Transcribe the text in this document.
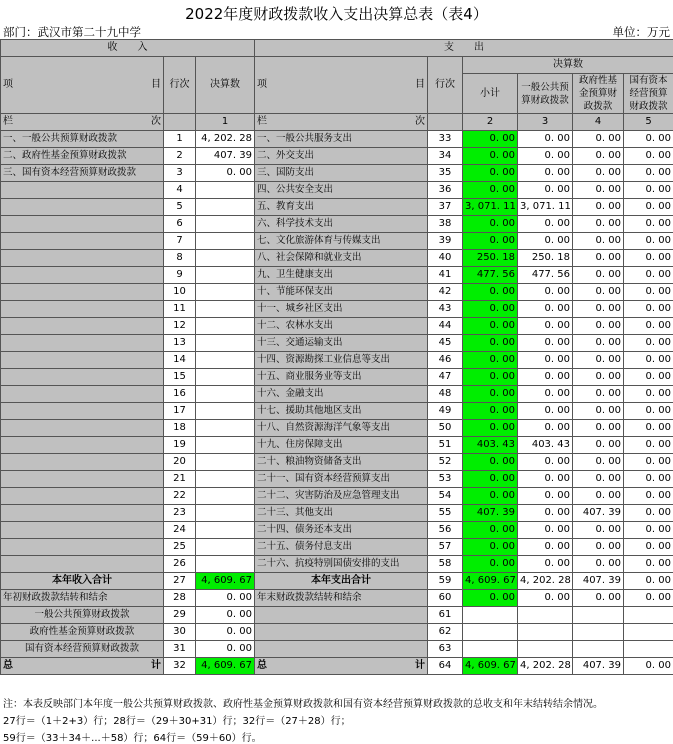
2022年度财政拨款收入支出决算总表（表4）
部门：武汉市第二十九中学	单位：万元
收　　入			支　　出					

项 目	行次	决算数	项 目	行次	决算数			
					小计	一般公共预算财政拨款	政府性基金预算财政拨款	国有资本经营预算财政拨款

栏 次		1	栏 次		2	3	4	5
一、一般公共预算财政拨款	1	4, 202. 28	一、一般公共服务支出	33	0. 00	0. 00	0. 00	0. 00
二、政府性基金预算财政拨款	2	407. 39	二、外交支出	34	0. 00	0. 00	0. 00	0. 00
三、国有资本经营预算财政拨款	3	0. 00	三、国防支出	35	0. 00	0. 00	0. 00	0. 00
	4		四、公共安全支出	36	0. 00	0. 00	0. 00	0. 00
	5		五、教育支出	37	3, 071. 11	3, 071. 11	0. 00	0. 00
	6		六、科学技术支出	38	0. 00	0. 00	0. 00	0. 00
	7		七、文化旅游体育与传媒支出	39	0. 00	0. 00	0. 00	0. 00
	8		八、社会保障和就业支出	40	250. 18	250. 18	0. 00	0. 00
	9		九、卫生健康支出	41	477. 56	477. 56	0. 00	0. 00
	10		十、节能环保支出	42	0. 00	0. 00	0. 00	0. 00
	11		十一、城乡社区支出	43	0. 00	0. 00	0. 00	0. 00
	12		十二、农林水支出	44	0. 00	0. 00	0. 00	0. 00
	13		十三、交通运输支出	45	0. 00	0. 00	0. 00	0. 00
	14		十四、资源勘探工业信息等支出	46	0. 00	0. 00	0. 00	0. 00
	15		十五、商业服务业等支出	47	0. 00	0. 00	0. 00	0. 00
	16		十六、金融支出	48	0. 00	0. 00	0. 00	0. 00
	17		十七、援助其他地区支出	49	0. 00	0. 00	0. 00	0. 00
	18		十八、自然资源海洋气象等支出	50	0. 00	0. 00	0. 00	0. 00
	19		十九、住房保障支出	51	403. 43	403. 43	0. 00	0. 00
	20		二十、粮油物资储备支出	52	0. 00	0. 00	0. 00	0. 00
	21		二十一、国有资本经营预算支出	53	0. 00	0. 00	0. 00	0. 00
	22		二十二、灾害防治及应急管理支出	54	0. 00	0. 00	0. 00	0. 00
	23		二十三、其他支出	55	407. 39	0. 00	407. 39	0. 00
	24		二十四、债务还本支出	56	0. 00	0. 00	0. 00	0. 00
	25		二十五、债务付息支出	57	0. 00	0. 00	0. 00	0. 00
	26		二十六、抗疫特别国债安排的支出	58	0. 00	0. 00	0. 00	0. 00
本年收入合计	27	4, 609. 67	本年支出合计	59	4, 609. 67	4, 202. 28	407. 39	0. 00
年初财政拨款结转和结余	28	0. 00	年末财政拨款结转和结余	60	0. 00	0. 00	0. 00	0. 00
一般公共预算财政拨款	29	0. 00		61				
政府性基金预算财政拨款	30	0. 00		62				
国有资本经营预算财政拨款	31	0. 00		63				

总 计	32	4, 609. 67	总 计	64	4, 609. 67	4, 202. 28	407. 39	0. 00
注：本表反映部门本年度一般公共预算财政拨款、政府性基金预算财政拨款和国有资本经营预算财政拨款的总收支和年末结转结余情况。
27行＝（1＋2+3）行；28行＝（29＋30+31）行；32行＝（27＋28）行；
59行＝（33＋34＋...＋58）行；64行＝（59＋60）行。
